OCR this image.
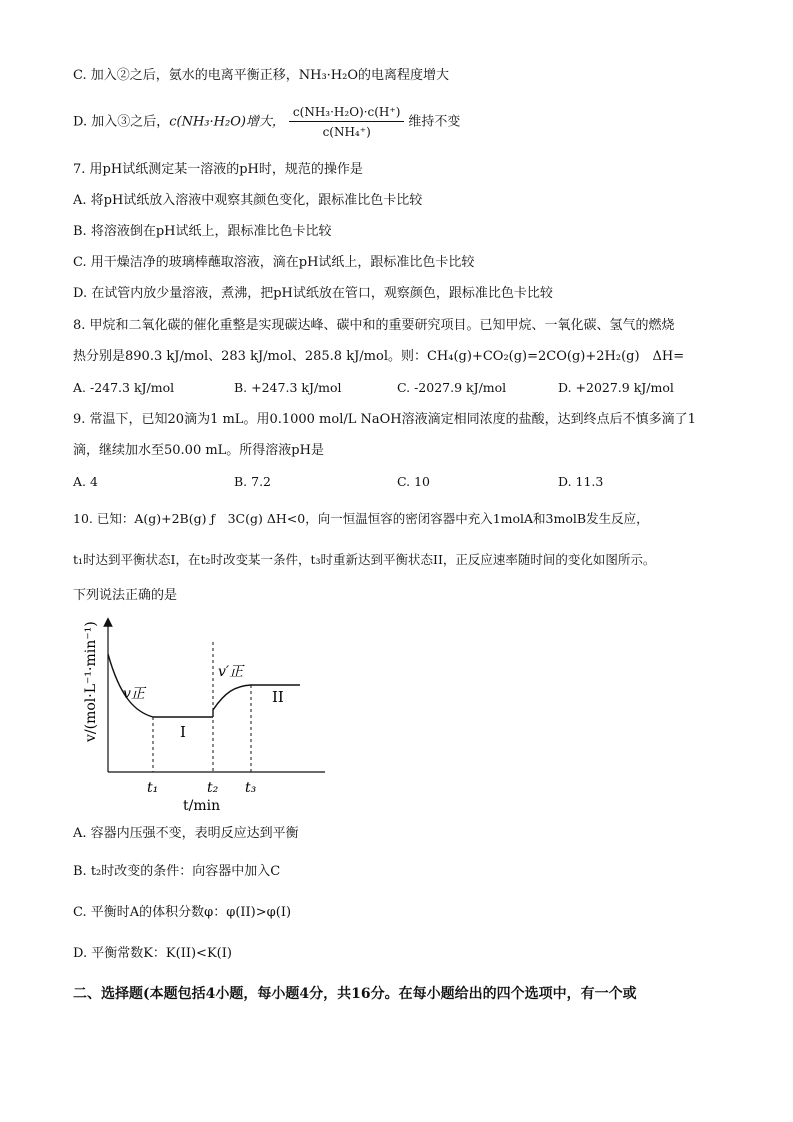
C. 加入②之后，氨水的电离平衡正移，NH₃·H₂O的电离程度增大
D. 加入③之后，c(NH₃·H₂O)增大， $\frac{\text{c(NH₃·H₂O)·c(H⁺)}}{\text{c(NH₄⁺)}}$ 维持不变
7. 用pH试纸测定某一溶液的pH时，规范的操作是
A. 将pH试纸放入溶液中观察其颜色变化，跟标准比色卡比较
B. 将溶液倒在pH试纸上，跟标准比色卡比较
C. 用干燥洁净的玻璃棒蘸取溶液，滴在pH试纸上，跟标准比色卡比较
D. 在试管内放少量溶液，煮沸，把pH试纸放在管口，观察颜色，跟标准比色卡比较
8. 甲烷和二氧化碳的催化重整是实现碳达峰、碳中和的重要研究项目。已知甲烷、一氧化碳、氢气的燃烧
热分别是890.3 kJ/mol、283 kJ/mol、285.8 kJ/mol。则：CH₄(g)+CO₂(g)=2CO(g)+2H₂(g)　ΔH=
A. -247.3 kJ/mol	B. +247.3 kJ/mol	C. -2027.9 kJ/mol	D. +2027.9 kJ/mol
9. 常温下，已知20滴为1 mL。用0.1000 mol/L NaOH溶液滴定相同浓度的盐酸，达到终点后不慎多滴了1
滴，继续加水至50.00 mL。所得溶液pH是
A. 4	B. 7.2	C. 10	D. 11.3
10. 已知：A(g)+2B(g) ƒ　3C(g) ΔH<0，向一恒温恒容的密闭容器中充入1molA和3molB发生反应，
t₁时达到平衡状态I，在t₂时改变某一条件，t₃时重新达到平衡状态II，正反应速率随时间的变化如图所示。
下列说法正确的是
v/(mol·L⁻¹·min⁻¹) v正
v′正
I
II
t₁	t₂ t₃
t/min
A. 容器内压强不变，表明反应达到平衡
B. t₂时改变的条件：向容器中加入C
C. 平衡时A的体积分数φ：φ(II)>φ(I)
D. 平衡常数K：K(II)<K(I)
二、选择题(本题包括4小题，每小题4分，共16分。在每小题给出的四个选项中，有一个或
